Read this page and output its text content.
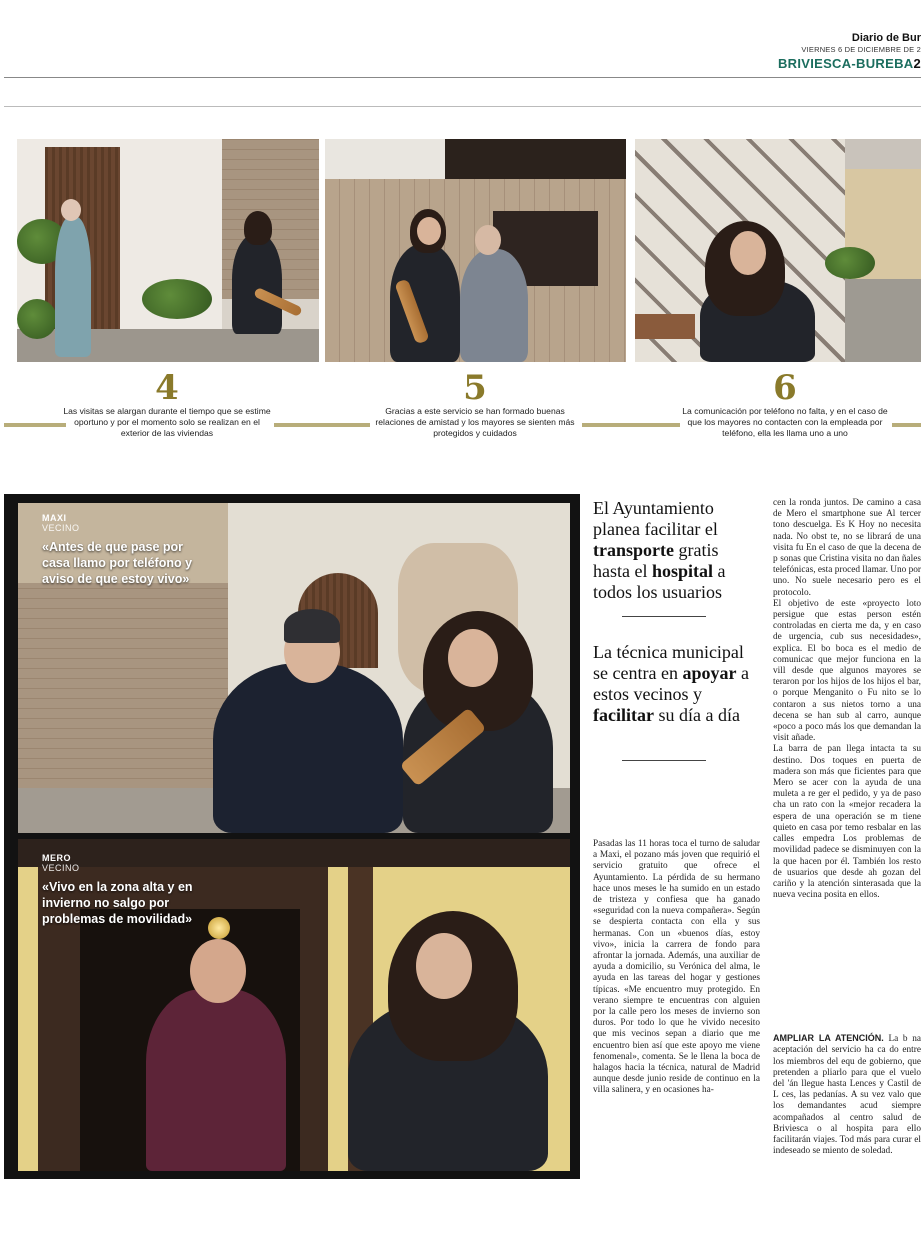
Diario de Bur
VIERNES 6 DE DICIEMBRE DE 2
BRIVIESCA-BUREBA2
4
Las visitas se alargan durante el tiempo que se estime oportuno y por el momento solo se realizan en el exterior de las viviendas
5
Gracias a este servicio se han formado buenas relaciones de amistad y los mayores se sienten más protegidos y cuidados
6
La comunicación por teléfono no falta, y en el caso de que los mayores no contacten con la empleada por teléfono, ella les llama uno a uno
MAXI
VECINO
«Antes de que pase por casa llamo por teléfono y aviso de que estoy vivo»
MERO
VECINO
«Vivo en la zona alta y en invierno no salgo por problemas de movilidad»
El Ayuntamiento planea facilitar el transporte gratis hasta el hospital a todos los usuarios
La técnica municipal se centra en apoyar a estos vecinos y facilitar su día a día
Pasadas las 11 horas toca el turno de saludar a Maxi, el pozano más joven que requirió el servicio gratuito que ofrece el Ayuntamiento. La pérdida de su hermano hace unos meses le ha sumido en un estado de tristeza y confiesa que ha ganado «seguridad con la nueva compañera». Según se despierta contacta con ella y sus hermanas. Con un «buenos días, estoy vivo», inicia la carrera de fondo para afrontar la jornada. Además, una auxiliar de ayuda a domicilio, su Verónica del alma, le ayuda en las tareas del hogar y gestiones típicas. «Me encuentro muy protegido. En verano siempre te encuentras con alguien por la calle pero los meses de invierno son duros. Por todo lo que he vivido necesito que mis vecinos sepan a diario que me encuentro bien así que este apoyo me viene fenomenal», comenta. Se le llena la boca de halagos hacia la técnica, natural de Madrid aunque desde junio reside de continuo en la villa salinera, y en ocasiones ha-
cen la ronda juntos. De camino a casa de Mero el smartphone sue Al tercer tono descuelga. Es K Hoy no necesita nada. No obst te, no se librará de una visita fu En el caso de que la decena de p sonas que Cristina visita no dan ñales telefónicas, esta proced llamar. Uno por uno. No suele necesario pero es el protocolo.
El objetivo de este «proyecto loto persigue que estas person estén controladas en cierta me da, y en caso de urgencia, cub sus necesidades», explica. El bo boca es el medio de comunicac que mejor funciona en la vill desde que algunos mayores se teraron por los hijos de los hijos el bar, o porque Menganito o Fu nito se lo contaron a sus nietos torno a una decena se han sub al carro, aunque «poco a poco más los que demandan la visit añade.
La barra de pan llega intacta ta su destino. Dos toques en puerta de madera son más que ficientes para que Mero se acer con la ayuda de una muleta a re ger el pedido, y ya de paso cha un rato con la «mejor recadera la espera de una operación se m tiene quieto en casa por temo resbalar en las calles empedra Los problemas de movilidad padece se disminuyen con la la que hacen por él. También los resto de usuarios que desde ah gozan del cariño y la atención sinterasada que la nueva vecina posita en ellos.

AMPLIAR LA ATENCIÓN. La b na aceptación del servicio ha ca do entre los miembros del equ de gobierno, que pretenden a pliarlo para que el vuelo del 'án llegue hasta Lences y Castil de L ces, las pedanías. A su vez valo que los demandantes acud siempre acompañados al centro salud de Briviesca o al hospita para ello facilitarán viajes. Tod más para curar el indeseado se miento de soledad.
